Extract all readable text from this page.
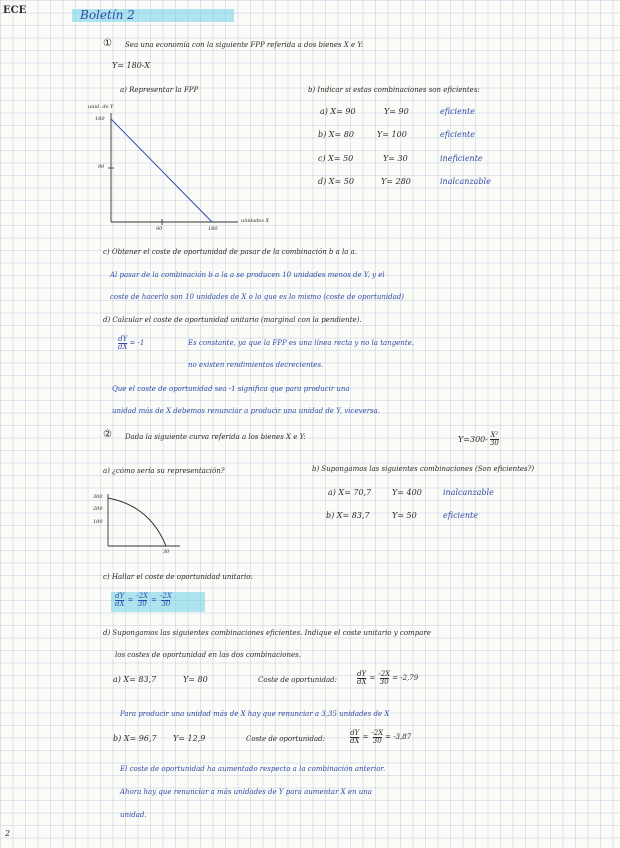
ECE	Boletín 2
① Sea una economía con la siguiente FPP referida a dos bienes X e Y:
Y= 180-X
a) Representar la FPP	b) Indicar si estas combinaciones son eficientes:
unid. de Y
180
90
90	180
unidades X
a) X= 90	Y= 90	eficiente
b) X= 80	Y= 100	eficiente
c) X= 50	Y= 30	ineficiente
d) X= 50	Y= 280	inalcanzable
c) Obtener el coste de oportunidad de pasar de la combinación b a la a.
Al pasar de la combinación b a la a se producen 10 unidades menos de Y, y el
coste de hacerlo son 10 unidades de X o lo que es lo mismo (coste de oportunidad)
d) Calcular el coste de oportunidad unitario (marginal con la pendiente).
$\frac{dY}{dX} = -1$	Es constante, ya que la FPP es una línea recta y no la tangente,
no existen rendimientos decrecientes.
Que el coste de oportunidad sea -1 significa que para producir una
unidad más de X debemos renunciar a producir una unidad de Y, viceversa.
② Dada la siguiente curva referida a los bienes X e Y:	$Y=300- \frac{\text{X²}}{30}$
a) ¿cómo sería su representación?	b) Supongamos las siguientes combinaciones (Son eficientes?)
300
200
100
30
a) X= 70,7	Y= 400	inalcanzable
b) X= 83,7	Y= 50	eficiente
c) Hallar el coste de oportunidad unitario:
$\frac{dY}{dX} = \frac{-2X}{30} = \frac{-2X}{30}$
d) Supongamos las siguientes combinaciones eficientes. Indique el coste unitario y compare
los costes de oportunidad en las dos combinaciones.
a) X= 83,7	Y= 80	Coste de oportunidad:	$\frac{dY}{dX} = \frac{-2X}{30} = -2,79$
Para producir una unidad más de X hay que renunciar a 3,35 unidades de X
b) X= 96,7 Y= 12,9	Coste de oportunidad:	$\frac{dY}{dX} = \frac{-2X}{30} = -3,87$
El coste de oportunidad ha aumentado respecto a la combinación anterior.
Ahora hay que renunciar a más unidades de Y para aumentar X en una
unidad.
2
